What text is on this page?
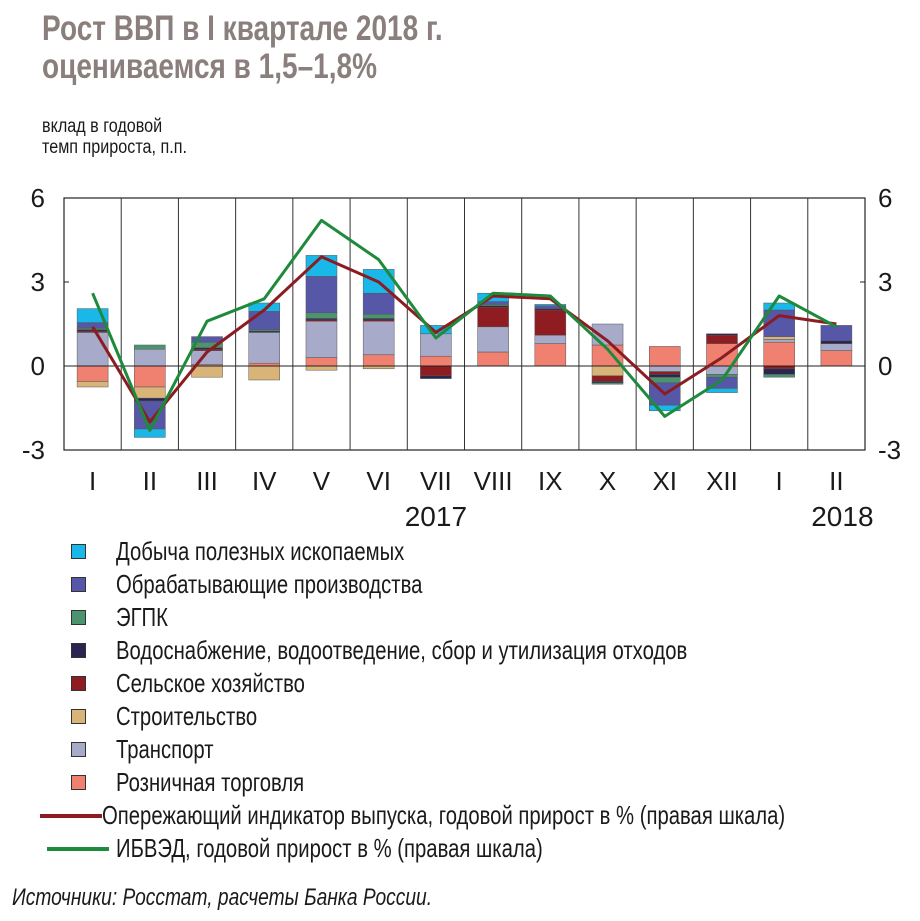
Рост ВВП в I квартале 2018 г.
оцениваемся в 1,5–1,8%
вклад в годовой
темп прироста, п.п.
6
3
0
-3
6
3
0
-3
I II III IV V VI VII VIII IX X XI XII I II
2017	2018
Добыча полезных ископаемых
Обрабатывающие производства
ЭГПК
Водоснабжение, водоотведение, сбор и утилизация отходов
Сельское хозяйство
Строительство
Транспорт
Розничная торговля
Опережающий индикатор выпуска, годовой прирост в % (правая шкала)
ИБВЭД, годовой прирост в % (правая шкала)
Источники: Росстат, расчеты Банка России.
